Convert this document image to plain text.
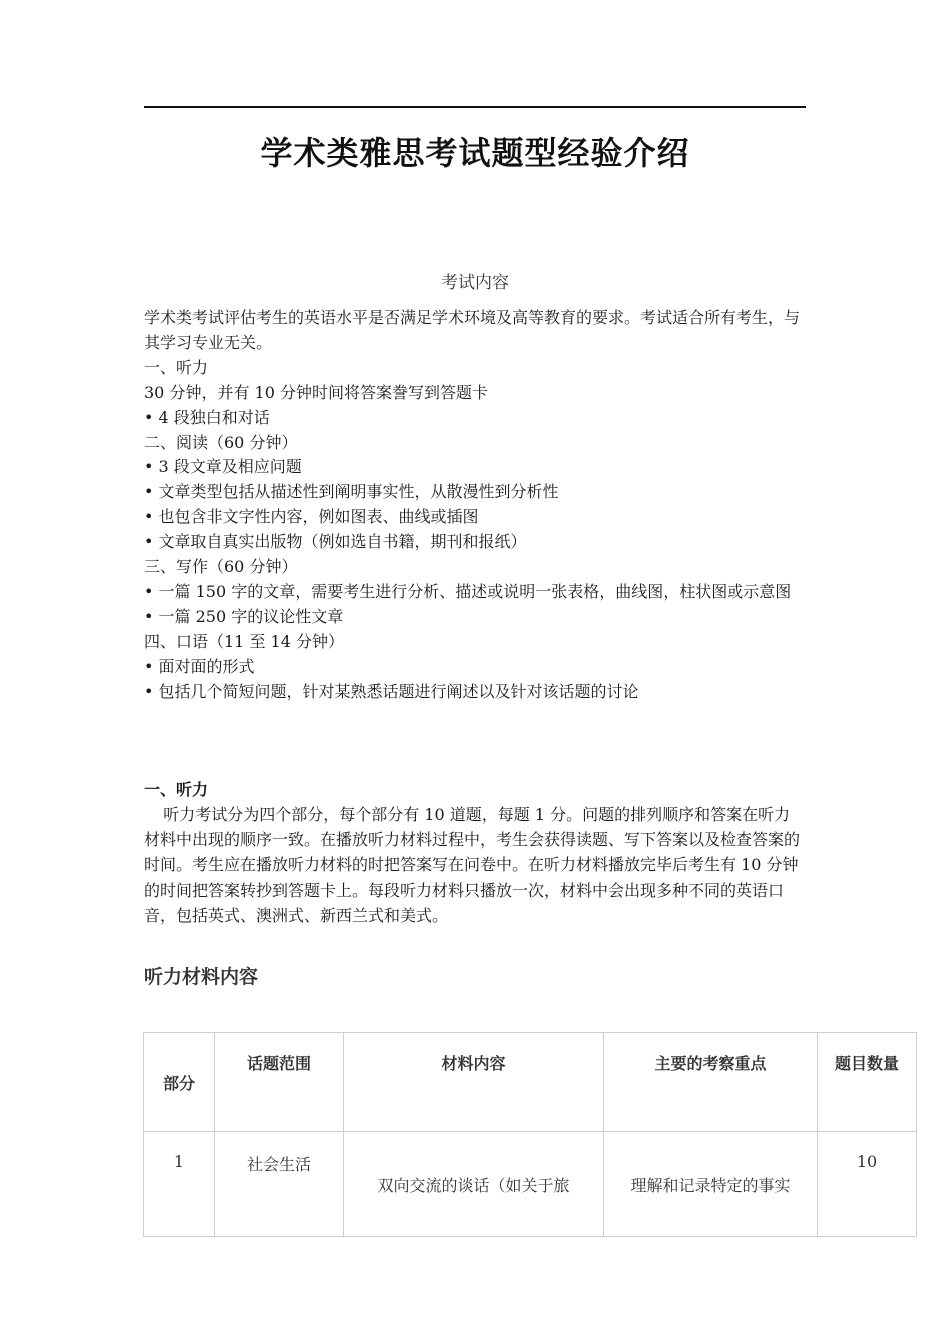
学术类雅思考试题型经验介绍
考试内容

学术类考试评估考生的英语水平是否满足学术环境及高等教育的要求。考试适合所有考生，与其学习专业无关。

一、听力

30 分钟，并有 10 分钟时间将答案誊写到答题卡

• 4 段独白和对话

二、阅读（60 分钟）

• 3 段文章及相应问题

• 文章类型包括从描述性到阐明事实性，从散漫性到分析性

• 也包含非文字性内容，例如图表、曲线或插图

• 文章取自真实出版物（例如选自书籍，期刊和报纸）

三、写作（60 分钟）

• 一篇 150 字的文章，需要考生进行分析、描述或说明一张表格，曲线图，柱状图或示意图

• 一篇 250 字的议论性文章

四、口语（11 至 14 分钟）

• 面对面的形式

• 包括几个简短问题，针对某熟悉话题进行阐述以及针对该话题的讨论

一、听力
听力考试分为四个部分，每个部分有 10 道题，每题 1 分。问题的排列顺序和答案在听力材料中出现的顺序一致。在播放听力材料过程中，考生会获得读题、写下答案以及检查答案的时间。考生应在播放听力材料的时把答案写在问卷中。在听力材料播放完毕后考生有 10 分钟的时间把答案转抄到答题卡上。每段听力材料只播放一次，材料中会出现多种不同的英语口音，包括英式、澳洲式、新西兰式和美式。
听力材料内容
部分	话题范围	材料内容	主要的考察重点	题目数量
1	社会生活	双向交流的谈话（如关于旅	理解和记录特定的事实	10
